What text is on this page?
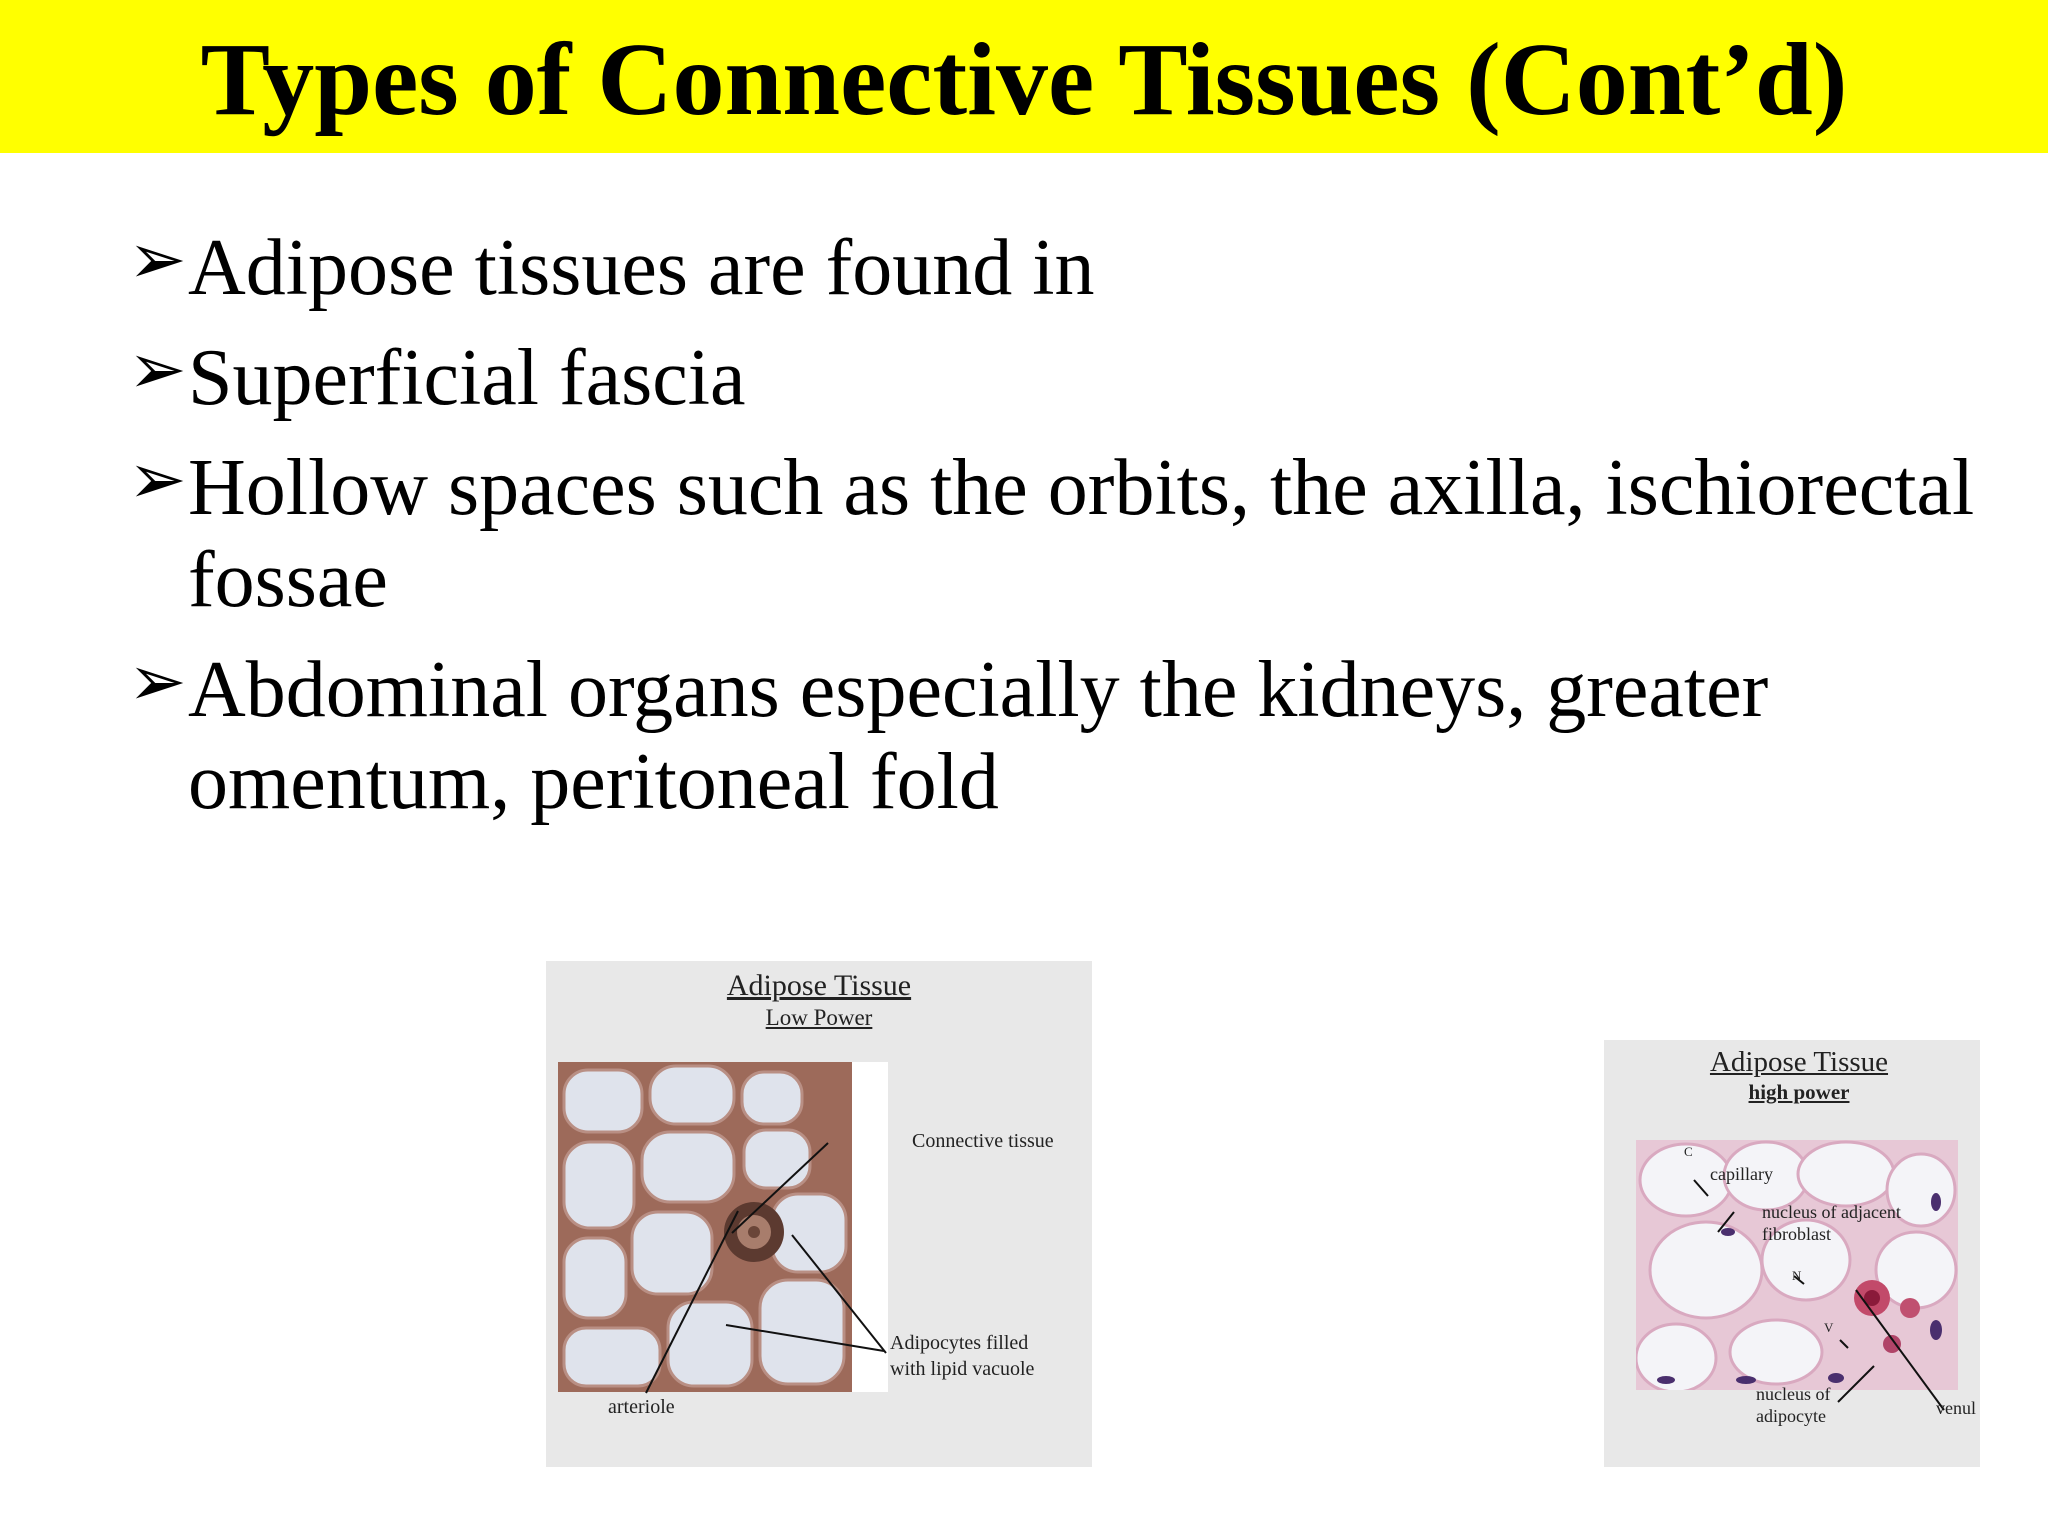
Types of Connective Tissues (Cont’d)
➢ Adipose tissues are found in
➢ Superficial fascia
➢ Hollow spaces such as the orbits, the axilla, ischiorectal
fossae
➢ Abdominal organs especially the kidneys, greater
omentum, peritoneal fold
Adipose Tissue
Low Power
Connective tissue
Adipocytes filled
with lipid vacuole
arteriole
Adipose Tissue
high power
C
capillary
nucleus of adjacent
fibroblast
N
V
nucleus of
adipocyte	venul
